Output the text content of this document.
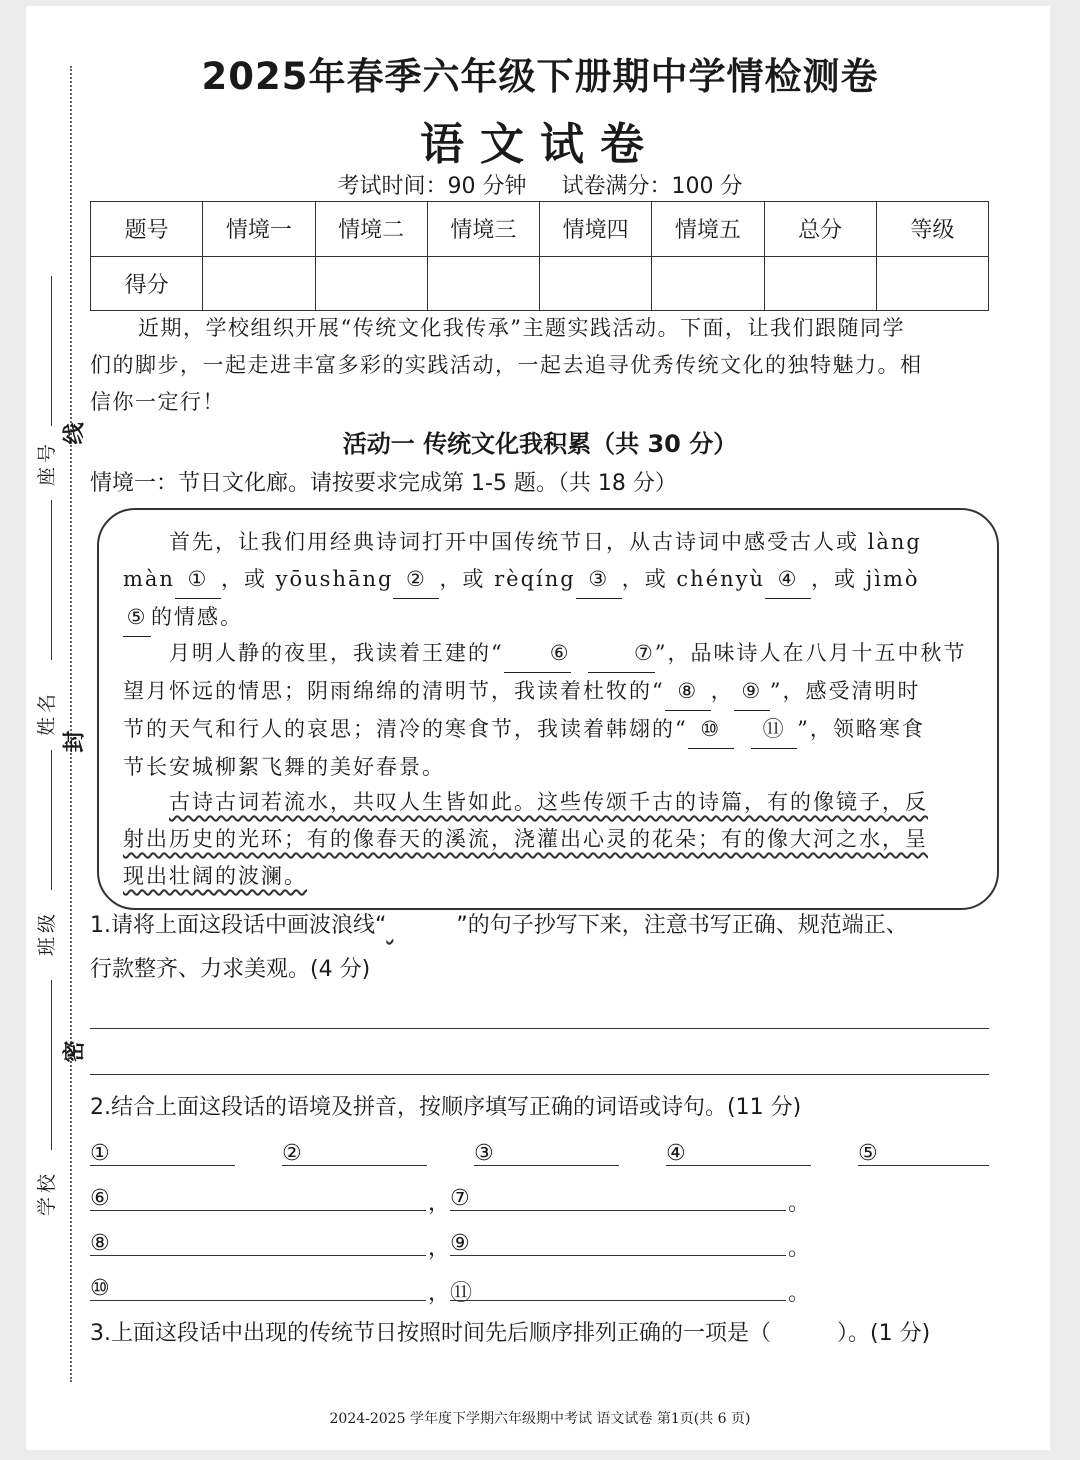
座号
姓名
班级
学校
线
封
密
2025年春季六年级下册期中学情检测卷
语文试卷
考试时间：90 分钟 试卷满分：100 分
题号	情境一	情境二	情境三	情境四	情境五	总分	等级
得分							
近期，学校组织开展“传统文化我传承”主题实践活动。下面，让我们跟随同学
们的脚步，一起走进丰富多彩的实践活动，一起去追寻优秀传统文化的独特魅力。相
信你一定行！
活动一 传统文化我积累（共 30 分）
情境一：节日文化廊。请按要求完成第 1-5 题。（共 18 分）
首先，让我们用经典诗词打开中国传统节日，从古诗词中感受古人或 làng
màn ① ，或 yōushāng ② ，或 rèqíng ③ ，或 chényù ④ ，或 jìmò
⑤ 的情感。
月明人静的夜里，我读着王建的“ ⑥	⑦”，品味诗人在八月十五中秋节
望月怀远的情思；阴雨绵绵的清明节，我读着杜牧的“ ⑧ ， ⑨ ”，感受清明时
节的天气和行人的哀思；清冷的寒食节，我读着韩翃的“ ⑩ ⑪ ”，领略寒食
节长安城柳絮飞舞的美好春景。
古诗古词若流水，共叹人生皆如此。这些传颂千古的诗篇，有的像镜子，反
射出历史的光环；有的像春天的溪流，浇灌出心灵的花朵；有的像大河之水，呈
现出壮阔的波澜。
1.请将上面这段话中画波浪线“	”的句子抄写下来，注意书写正确、规范端正、
行款整齐、力求美观。(4 分)
2.结合上面这段话的语境及拼音，按顺序填写正确的词语或诗句。(11 分)
①	②	③	④	⑤
⑥	， ⑦	。
⑧	， ⑨	。
⑩	， ⑪	。
3.上面这段话中出现的传统节日按照时间先后顺序排列正确的一项是（　　　）。(1 分)
2024-2025 学年度下学期六年级期中考试 语文试卷 第1页(共 6 页)
